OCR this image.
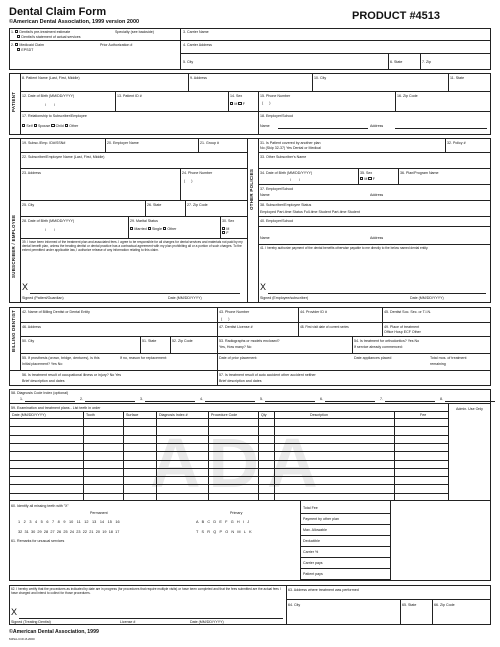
Dental Claim Form
©American Dental Association, 1999 version 2000	PRODUCT #4513
1. Dentist's pre-treatment estimate	Specialty (see backside)
Dentist's statement of actual services
2. Medicaid Claim	Prior Authorization #
EPSDT
3. Carrier Name
4. Carrier Address
5. City	6. State	7. Zip
PATIENT
8. Patient Name (Last, First, Middle)	9. Address	10. City	11. State
12. Date of Birth (MM/DD/YYYY)
/        /
13. Patient ID #	14. Sex
M F
15. Phone Number
(      )
16. Zip Code
17. Relationship to Subscriber/Employee
Self Spouse Child Other
18. Employer/School
Name	Address
SUBSCRIBER / EMPLOYEE
OTHER POLICIES
19. Subsc./Emp. ID#/SSN#	20. Employer Name	21. Group #
22. Subscriber/Employee Name (Last, First, Middle)
23. Address	24. Phone Number
(      )
25. City	26. State	27. Zip Code
28. Date of Birth (MM/DD/YYYY)
/        /
29. Marital Status
Married Single Other
30. Sex
M
F
39. I have been informed of the treatment plan and associated fees. I agree to be responsible for all charges for dental services and materials not paid by my dental benefit plan, unless the treating dentist or dental practice has a contractual agreement with my plan prohibiting all or a portion of such charges. To the extent permitted under applicable law, I authorize release of any information relating to this claim.
X
Signed (Patient/Guardian)	Date (MM/DD/YYYY)
31. Is Patient covered by another plan
No (Skip 32-37) Yes Dental or Medical
32. Policy #
33. Other Subscriber's Name
34. Date of Birth (MM/DD/YYYY)
/        /
35. Sex
M F
36. Plan/Program Name
37. Employer/School
Name	Address
38. Subscriber/Employee Status
Employed Part-time Status Full-time Student Part-time Student
40. Employer/School
Name	Address
41. I hereby authorize payment of the dental benefits otherwise payable to me directly to the below named dental entity.
X
Signed (Employee/subscriber)	Date (MM/DD/YYYY)
BILLING DENTIST 42. Name of Billing Dentist or Dental Entity	43. Phone Number
(      )
44. Provider ID #	45. Dentist Soc. Sec. or T.I.N.
46. Address	47. Dentist License #	48. First visit date of current series	49. Place of treatment
Office Hosp ECF Other
50. City	51. State	52. Zip Code	53. Radiographs or models enclosed?
Yes, How many? No
54. Is treatment for orthodontics? Yes No
If service already commenced:
55. If prosthesis (crown, bridge, dentures), is this
Initial placement? Yes No
If no, reason for replacement:	Date of prior placement:	Date appliances placed	Total mos. of treatment
remaining
56. Is treatment result of occupational illness or injury? No Yes
Brief description and dates
57. Is treatment result of auto accident other accident neither
Brief description and dates
58. Diagnosis Code Index (optional)
1.	2.	3.	4.	5.	6.	7.	8.
ADA
59. Examination and treatment plans - List teeth in order	Admin. Use Only
Date (MM/DD/YYYY)	Tooth	Surface	Diagnosis Index #	Procedure Code	Qty	Description	Fee
60. Identify all missing teeth with "X"
Permanent	Primary
1 2 3 4 5 6 7 8 9 10 11 12 13 14 15 16
32 31 30 29 28 27 26 25 24 23 22 21 20 19 18 17
A B C D E F G H I J
T S R Q P O N M L K
61. Remarks for unusual services
Total Fee
Payment by other plan
Max. Allowable
Deductible
Carrier %
Carrier pays
Patient pays
62. I hereby certify that the procedures as indicated by date are in progress (for procedures that require multiple visits) or have been completed and that the fees submitted are the actual fees I have charged and intend to collect for those procedures.
X
Signed (Treating Dentist)	License #	Date (MM/DD/YYYY)
63. Address where treatment was performed
64. City	65. State	66. Zip Code
©American Dental Association, 1999
M4SA-CCF-8-2000
